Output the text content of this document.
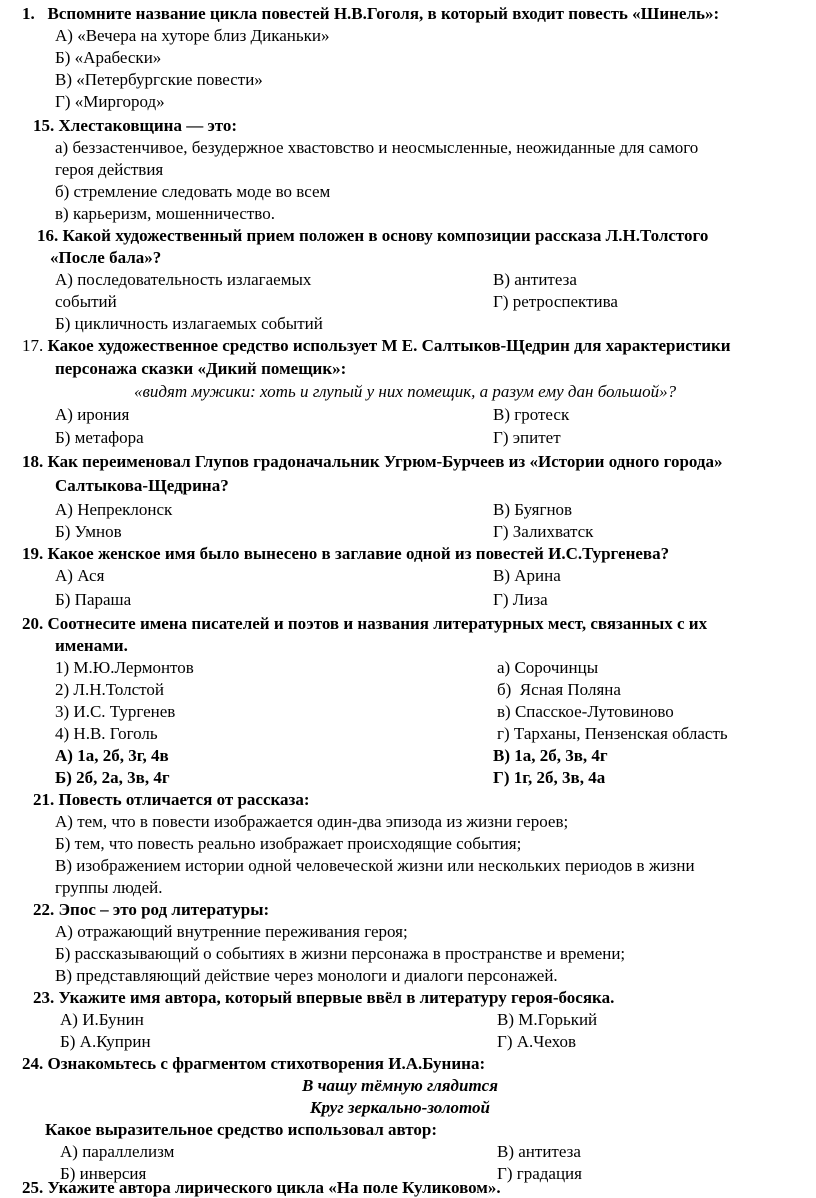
1.   Вспомните название цикла повестей Н.В.Гоголя, в который входит повесть «Шинель»:
А) «Вечера на хуторе близ Диканьки»
Б) «Арабески»
В) «Петербургские повести»
Г) «Миргород»
15. Хлестаковщина — это:
а) беззастенчивое, безудержное хвастовство и неосмысленные, неожиданные для самого
героя действия
б) стремление следовать моде во всем
в) карьеризм, мошенничество.
16. Какой художественный прием положен в основу композиции рассказа Л.Н.Толстого
«После бала»?
А) последовательность излагаемых	В) антитеза
событий	Г) ретроспектива
Б) цикличность излагаемых событий
17. Какое художественное средство использует М Е. Салтыков-Щедрин для характеристики
персонажа сказки «Дикий помещик»:
«видят мужики: хоть и глупый у них помещик, а разум ему дан большой»?
А) ирония	В) гротеск
Б) метафора	Г) эпитет
18. Как переименовал Глупов градоначальник Угрюм-Бурчеев из «Истории одного города»
Салтыкова-Щедрина?
А) Непреклонск	В) Буягнов
Б) Умнов	Г) Залихватск
19. Какое женское имя было вынесено в заглавие одной из повестей И.С.Тургенева?
А) Ася	В) Арина
Б) Параша	Г) Лиза
20. Соотнесите имена писателей и поэтов и названия литературных мест, связанных с их
именами.
1) М.Ю.Лермонтов	а) Сорочинцы
2) Л.Н.Толстой	б)  Ясная Поляна
3) И.С. Тургенев	в) Спасское-Лутовиново
4) Н.В. Гоголь	г) Тарханы, Пензенская область
А) 1а, 2б, 3г, 4в	В) 1а, 2б, 3в, 4г
Б) 2б, 2а, 3в, 4г	Г) 1г, 2б, 3в, 4а
21. Повесть отличается от рассказа:
А) тем, что в повести изображается один-два эпизода из жизни героев;
Б) тем, что повесть реально изображает происходящие события;
В) изображением истории одной человеческой жизни или нескольких периодов в жизни
группы людей.
22. Эпос – это род литературы:
А) отражающий внутренние переживания героя;
Б) рассказывающий о событиях в жизни персонажа в пространстве и времени;
В) представляющий действие через монологи и диалоги персонажей.
23. Укажите имя автора, который впервые ввёл в литературу героя-босяка.
А) И.Бунин	В) М.Горький
Б) А.Куприн	Г) А.Чехов
24. Ознакомьтесь с фрагментом стихотворения И.А.Бунина:
В чашу тёмную глядится
Круг зеркально-золотой
Какое выразительное средство использовал автор:
А) параллелизм	В) антитеза
Б) инверсия	Г) градация
25. Укажите автора лирического цикла «На поле Куликовом».
